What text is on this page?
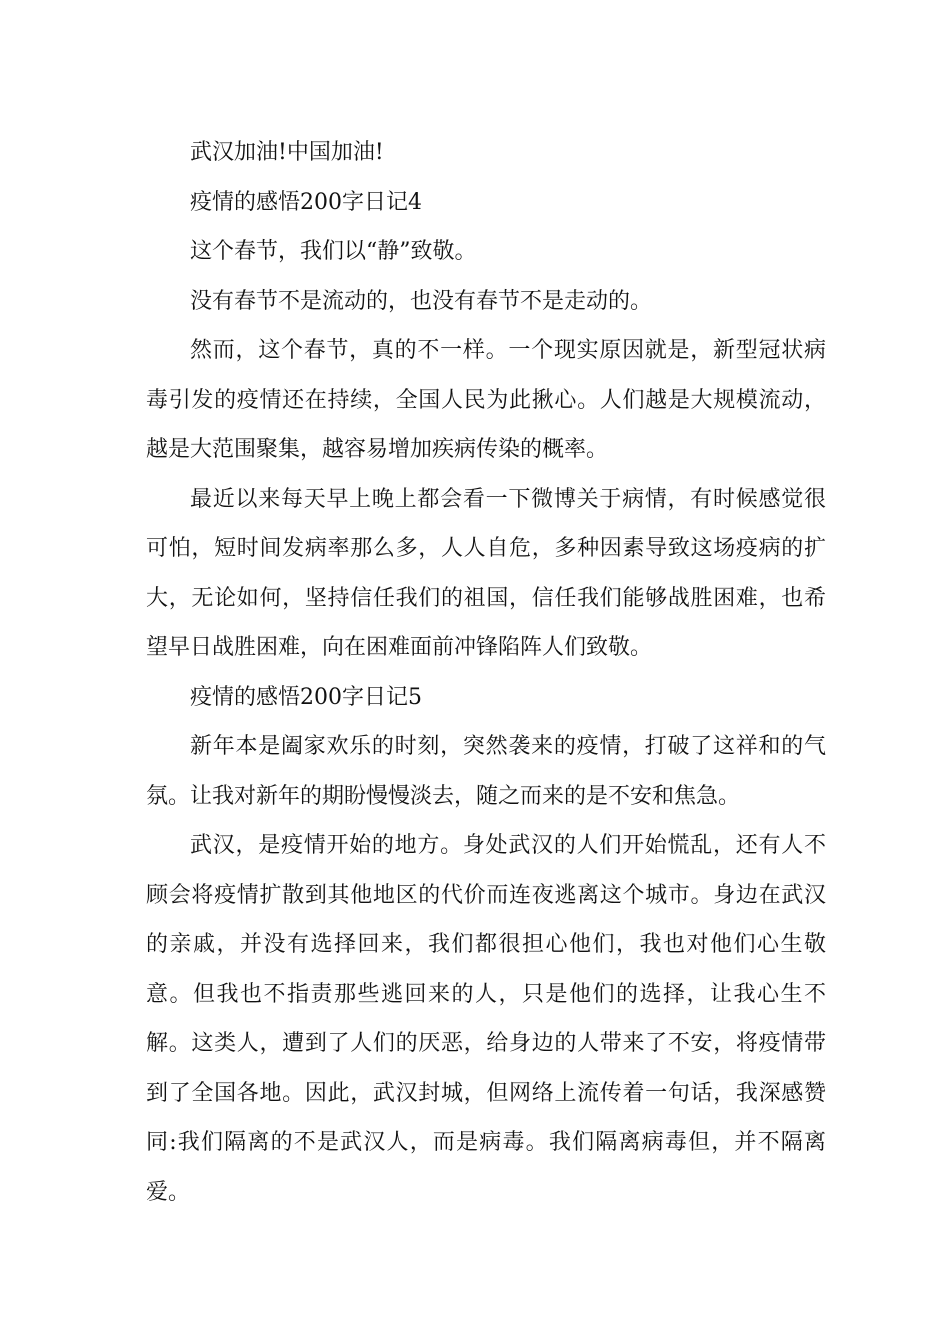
武汉加油!中国加油!

疫情的感悟200字日记4

这个春节，我们以“静”致敬。

没有春节不是流动的，也没有春节不是走动的。

然而，这个春节，真的不一样。一个现实原因就是，新型冠状病毒引发的疫情还在持续，全国人民为此揪心。人们越是大规模流动，越是大范围聚集，越容易增加疾病传染的概率。

最近以来每天早上晚上都会看一下微博关于病情，有时候感觉很可怕，短时间发病率那么多，人人自危，多种因素导致这场疫病的扩大，无论如何，坚持信任我们的祖国，信任我们能够战胜困难，也希望早日战胜困难，向在困难面前冲锋陷阵人们致敬。

疫情的感悟200字日记5

新年本是阖家欢乐的时刻，突然袭来的疫情，打破了这祥和的气氛。让我对新年的期盼慢慢淡去，随之而来的是不安和焦急。

武汉，是疫情开始的地方。身处武汉的人们开始慌乱，还有人不顾会将疫情扩散到其他地区的代价而连夜逃离这个城市。身边在武汉的亲戚，并没有选择回来，我们都很担心他们，我也对他们心生敬意。但我也不指责那些逃回来的人，只是他们的选择，让我心生不解。这类人，遭到了人们的厌恶，给身边的人带来了不安，将疫情带到了全国各地。因此，武汉封城，但网络上流传着一句话，我深感赞同:我们隔离的不是武汉人，而是病毒。我们隔离病毒但，并不隔离爱。
